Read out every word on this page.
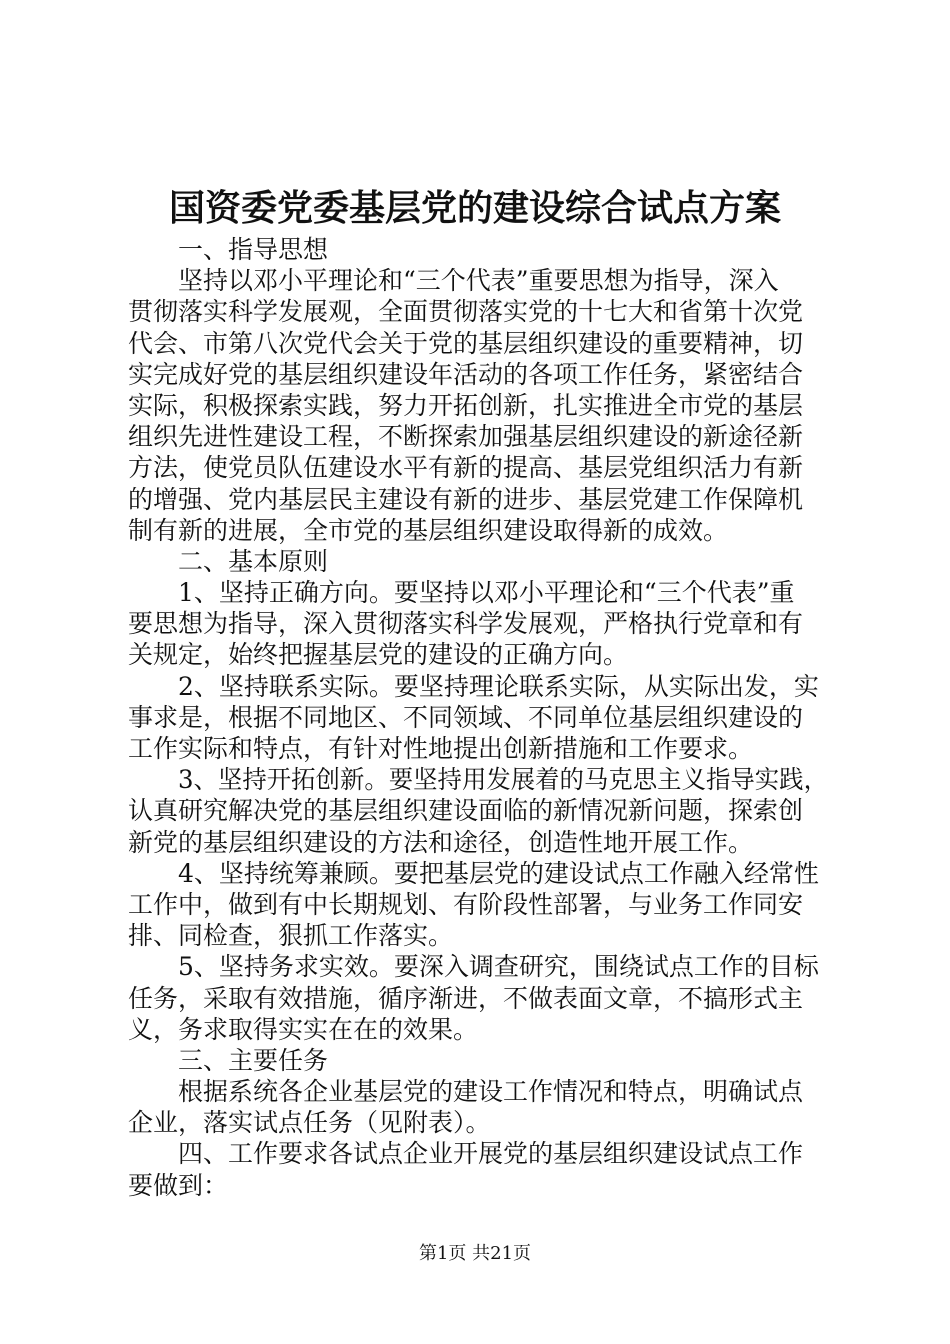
国资委党委基层党的建设综合试点方案
一、指导思想
坚持以邓小平理论和“三个代表”重要思想为指导，深入
贯彻落实科学发展观，全面贯彻落实党的十七大和省第十次党
代会、市第八次党代会关于党的基层组织建设的重要精神，切
实完成好党的基层组织建设年活动的各项工作任务，紧密结合
实际，积极探索实践，努力开拓创新，扎实推进全市党的基层
组织先进性建设工程，不断探索加强基层组织建设的新途径新
方法，使党员队伍建设水平有新的提高、基层党组织活力有新
的增强、党内基层民主建设有新的进步、基层党建工作保障机
制有新的进展，全市党的基层组织建设取得新的成效。
二、基本原则
1、坚持正确方向。要坚持以邓小平理论和“三个代表”重
要思想为指导，深入贯彻落实科学发展观，严格执行党章和有
关规定，始终把握基层党的建设的正确方向。
2、坚持联系实际。要坚持理论联系实际，从实际出发，实
事求是，根据不同地区、不同领域、不同单位基层组织建设的
工作实际和特点，有针对性地提出创新措施和工作要求。
3、坚持开拓创新。要坚持用发展着的马克思主义指导实践，
认真研究解决党的基层组织建设面临的新情况新问题，探索创
新党的基层组织建设的方法和途径，创造性地开展工作。
4、坚持统筹兼顾。要把基层党的建设试点工作融入经常性
工作中，做到有中长期规划、有阶段性部署，与业务工作同安
排、同检查，狠抓工作落实。
5、坚持务求实效。要深入调查研究，围绕试点工作的目标
任务，采取有效措施，循序渐进，不做表面文章，不搞形式主
义，务求取得实实在在的效果。
三、主要任务
根据系统各企业基层党的建设工作情况和特点，明确试点
企业，落实试点任务（见附表）。
四、工作要求各试点企业开展党的基层组织建设试点工作
要做到：
第1页 共21页
